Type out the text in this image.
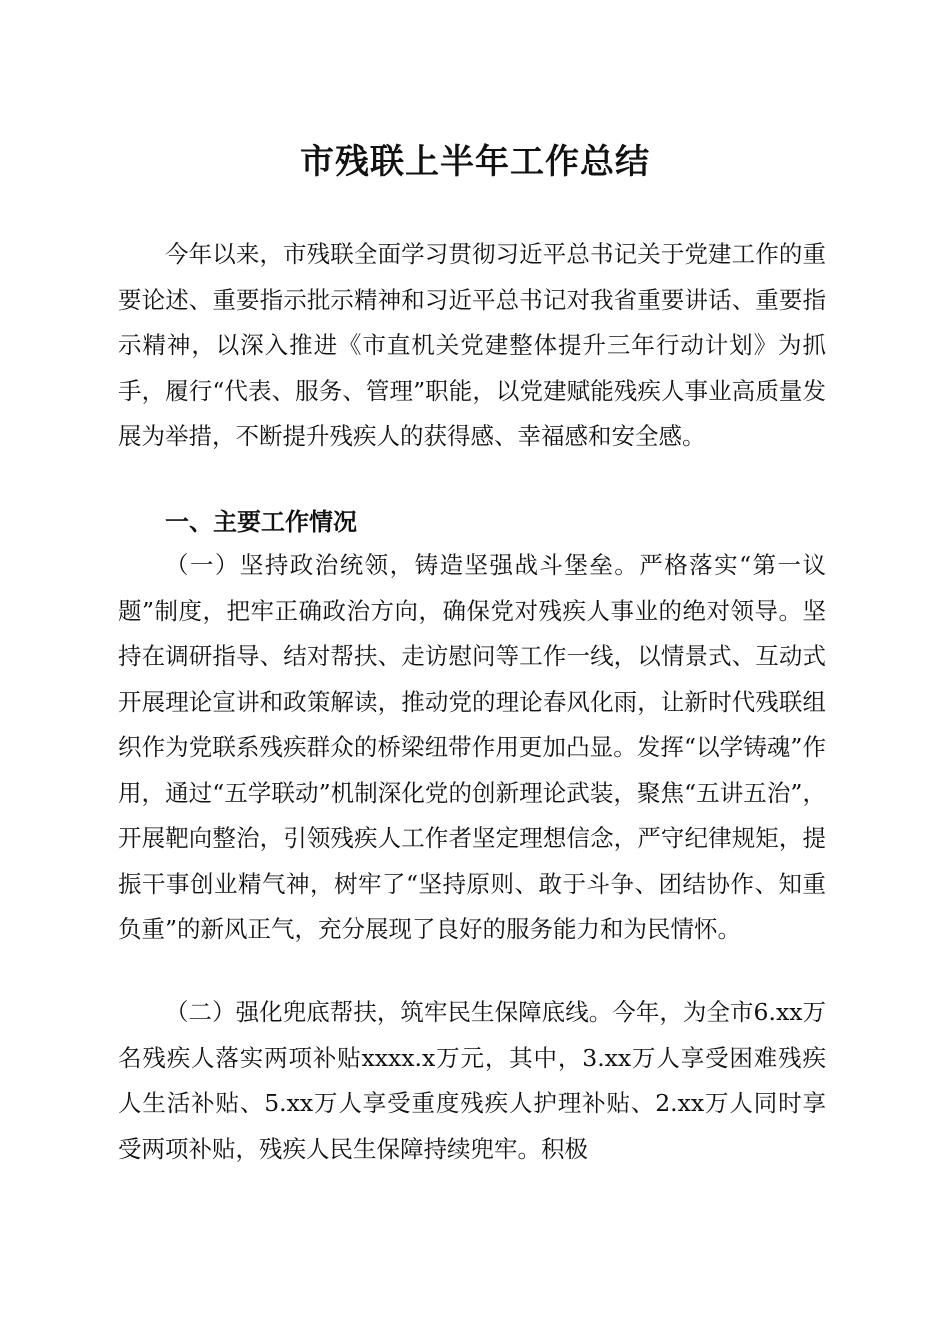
市残联上半年工作总结
今年以来，市残联全面学习贯彻习近平总书记关于党建工作的重要论述、重要指示批示精神和习近平总书记对我省重要讲话、重要指示精神，以深入推进《市直机关党建整体提升三年行动计划》为抓手，履行“代表、服务、管理”职能，以党建赋能残疾人事业高质量发展为举措，不断提升残疾人的获得感、幸福感和安全感。
一、主要工作情况
（一）坚持政治统领，铸造坚强战斗堡垒。严格落实“第一议题”制度，把牢正确政治方向，确保党对残疾人事业的绝对领导。坚持在调研指导、结对帮扶、走访慰问等工作一线，以情景式、互动式开展理论宣讲和政策解读，推动党的理论春风化雨，让新时代残联组织作为党联系残疾群众的桥梁纽带作用更加凸显。发挥“以学铸魂”作用，通过“五学联动”机制深化党的创新理论武装，聚焦“五讲五治”，开展靶向整治，引领残疾人工作者坚定理想信念，严守纪律规矩，提振干事创业精气神，树牢了“坚持原则、敢于斗争、团结协作、知重负重”的新风正气，充分展现了良好的服务能力和为民情怀。
（二）强化兜底帮扶，筑牢民生保障底线。今年，为全市6.xx万名残疾人落实两项补贴xxxx.x万元，其中，3.xx万人享受困难残疾人生活补贴、5.xx万人享受重度残疾人护理补贴、2.xx万人同时享受两项补贴，残疾人民生保障持续兜牢。积极
